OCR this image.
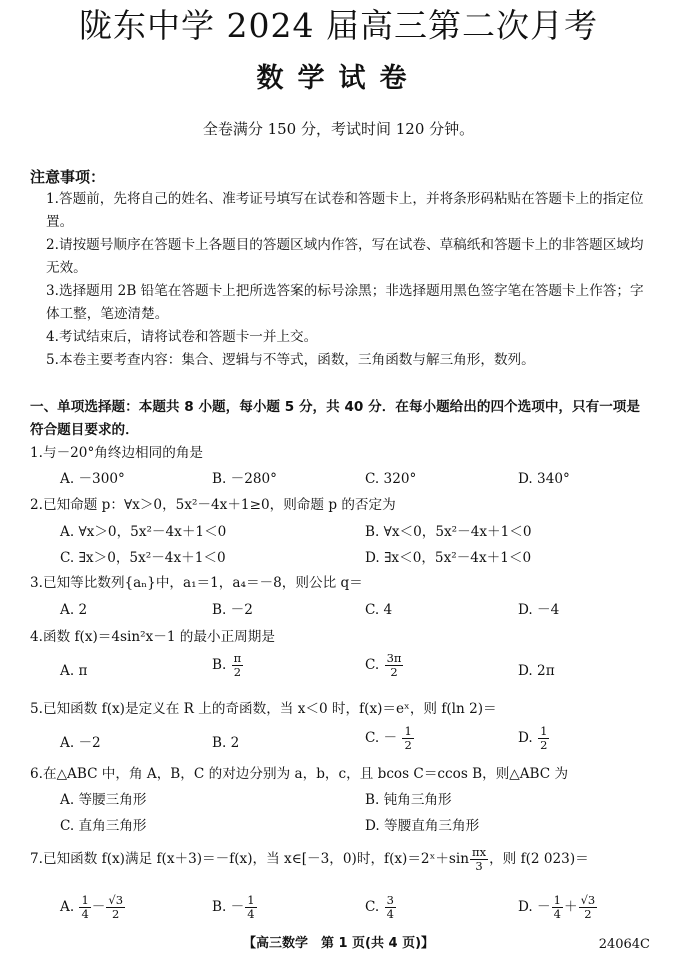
陇东中学 2024 届高三第二次月考
数学试卷
全卷满分 150 分，考试时间 120 分钟。
注意事项：
1.答题前，先将自己的姓名、准考证号填写在试卷和答题卡上，并将条形码粘贴在答题卡上的指定位置。
2.请按题号顺序在答题卡上各题目的答题区域内作答，写在试卷、草稿纸和答题卡上的非答题区域均无效。
3.选择题用 2B 铅笔在答题卡上把所选答案的标号涂黑；非选择题用黑色签字笔在答题卡上作答；字体工整，笔迹清楚。
4.考试结束后，请将试卷和答题卡一并上交。
5.本卷主要考查内容：集合、逻辑与不等式，函数，三角函数与解三角形，数列。
一、单项选择题：本题共 8 小题，每小题 5 分，共 40 分．在每小题给出的四个选项中，只有一项是符合题目要求的．
1.与－20°角终边相同的角是
A. －300°	B. －280°	C. 320°	D. 340°
2.已知命题 p：∀x＞0，5x²－4x＋1≥0，则命题 p 的否定为
A. ∀x＞0，5x²－4x＋1＜0	B. ∀x＜0，5x²－4x＋1＜0
C. ∃x＞0，5x²－4x＋1＜0	D. ∃x＜0，5x²－4x＋1＜0
3.已知等比数列{aₙ}中，a₁＝1，a₄＝－8，则公比 q＝
A. 2	B. －2	C. 4	D. －4
4.函数 f(x)＝4sin²x－1 的最小正周期是
A. π	B. $\frac{\pi}{2}$	C. $\frac{3\pi}{2}$	D. 2π
5.已知函数 f(x)是定义在 R 上的奇函数，当 x＜0 时，f(x)＝eˣ，则 f(ln 2)＝
A. －2	B. 2	C. － $\frac{1}{2}$	D. $\frac{1}{2}$
6.在△ABC 中，角 A，B，C 的对边分别为 a，b，c，且 bcos C＝ccos B，则△ABC 为
A. 等腰三角形	B. 钝角三角形
C. 直角三角形	D. 等腰直角三角形
7.已知函数 f(x)满足 f(x＋3)＝－f(x)，当 x∈[－3，0)时，f(x)＝2ˣ＋sin $\frac{\pi x}{3}$ ，则 f(2 023)＝
A. $\frac{1}{4} - \frac{√3}{2}$	B. － $\frac{1}{4}$	C. $\frac{3}{4}$	D. － $\frac{1}{4} + \frac{√3}{2}$
【高三数学　第 1 页(共 4 页)】	24064C
